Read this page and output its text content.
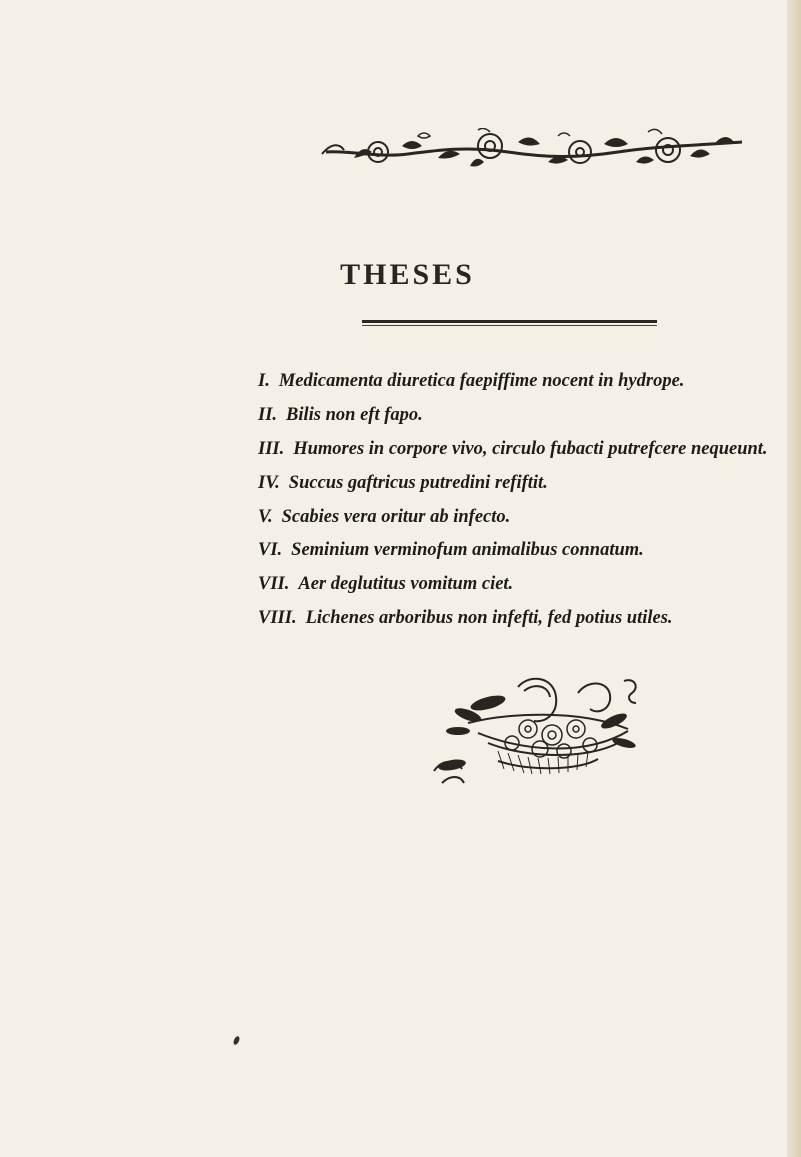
THESES
I. Medicamenta diuretica faepiffime nocent in hydrope.
II. Bilis non eft fapo.
III. Humores in corpore vivo, circulo fubacti putrefcere nequeunt.
IV. Succus gaftricus putredini refiftit.
V. Scabies vera oritur ab infecto.
VI. Seminium verminofum animalibus connatum.
VII. Aer deglutitus vomitum ciet.
VIII. Lichenes arboribus non infefti, fed potius utiles.
